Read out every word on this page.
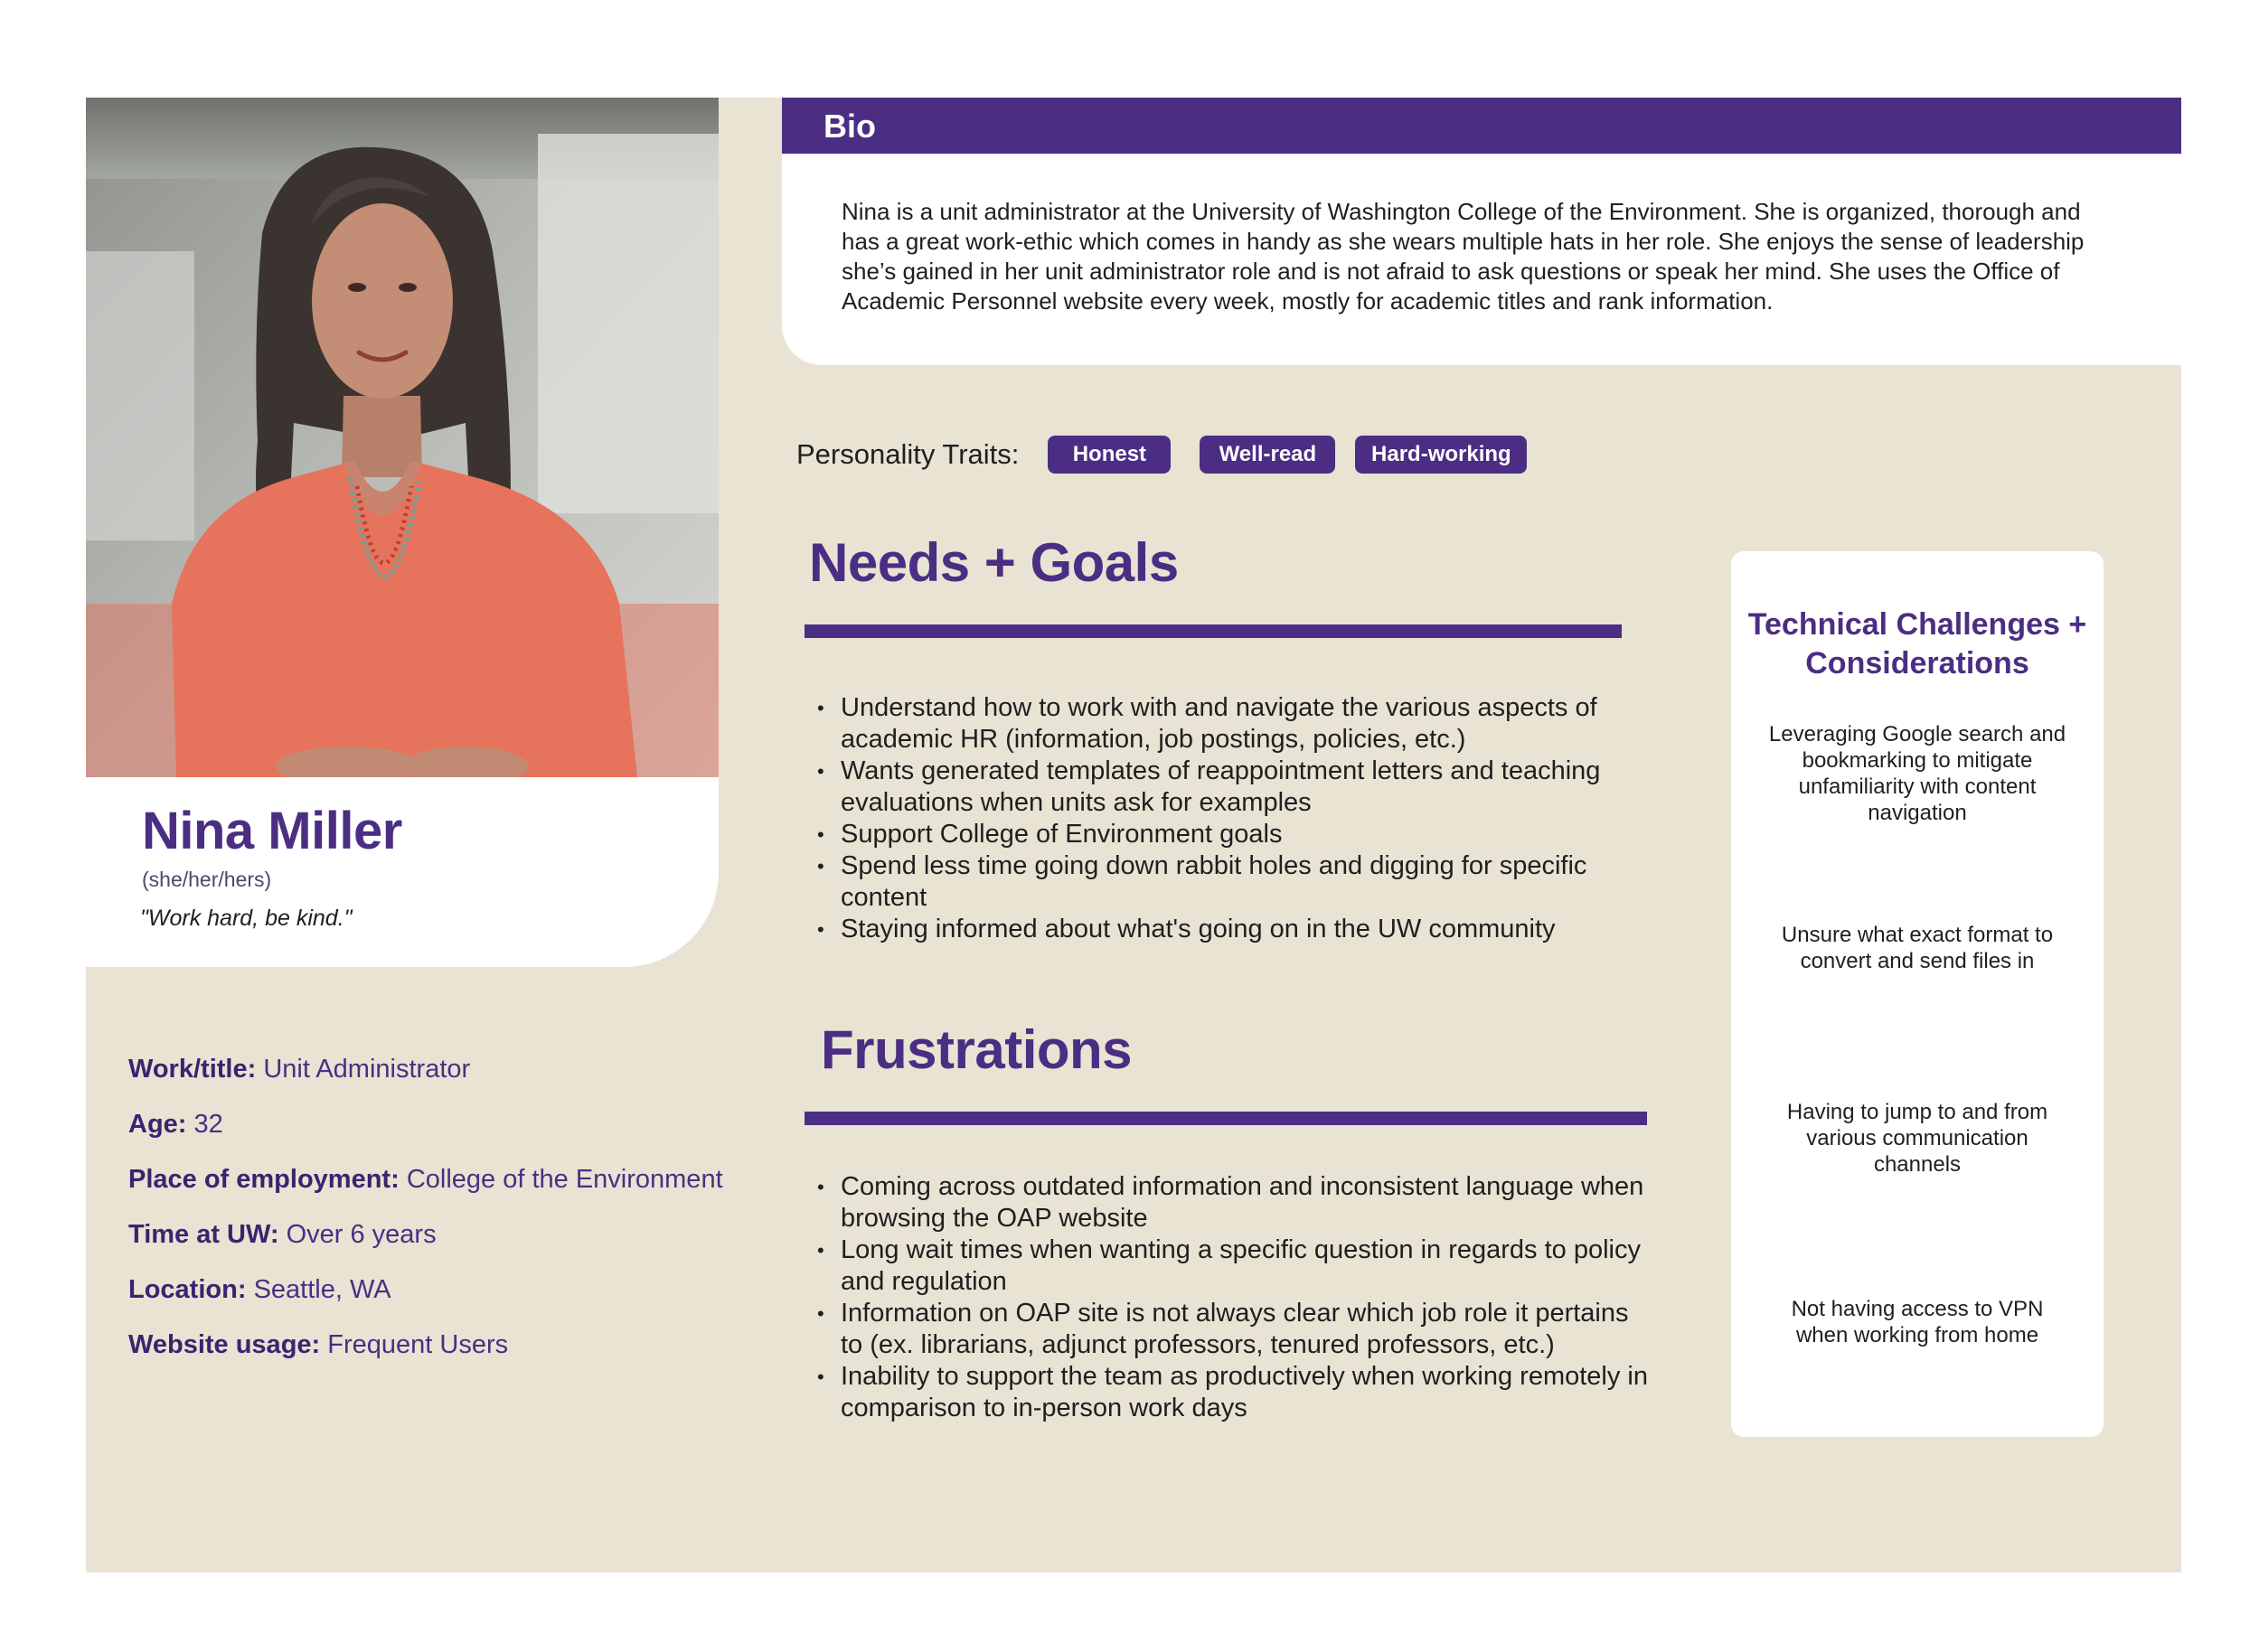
Nina Miller
(she/her/hers)
"Work hard, be kind."

Work/title: Unit Administrator

Age: 32

Place of employment: College of the Environment

Time at UW: Over 6 years

Location: Seattle, WA

Website usage: Frequent Users

Bio

Nina is a unit administrator at the University of Washington College of the Environment. She is organized, thorough and has a great work-ethic which comes in handy as she wears multiple hats in her role. She enjoys the sense of leadership she’s gained in her unit administrator role and is not afraid to ask questions or speak her mind. She uses the Office of Academic Personnel website every week, mostly for academic titles and rank information.

Personality Traits:	Honest	Well-read	Hard-working
Needs + Goals
• Understand how to work with and navigate the various aspects of academic HR (information, job postings, policies, etc.)
• Wants generated templates of reappointment letters and teaching evaluations when units ask for examples
• Support College of Environment goals
• Spend less time going down rabbit holes and digging for specific content
• Staying informed about what's going on in the UW community
Frustrations
• Coming across outdated information and inconsistent language when browsing the OAP website
• Long wait times when wanting a specific question in regards to policy and regulation
• Information on OAP site is not always clear which job role it pertains to (ex. librarians, adjunct professors, tenured professors, etc.)
• Inability to support the team as productively when working remotely in comparison to in-person work days
Technical Challenges + Considerations

Leveraging Google search and bookmarking to mitigate unfamiliarity with content navigation

Unsure what exact format to convert and send files in

Having to jump to and from various communication channels

Not having access to VPN when working from home
